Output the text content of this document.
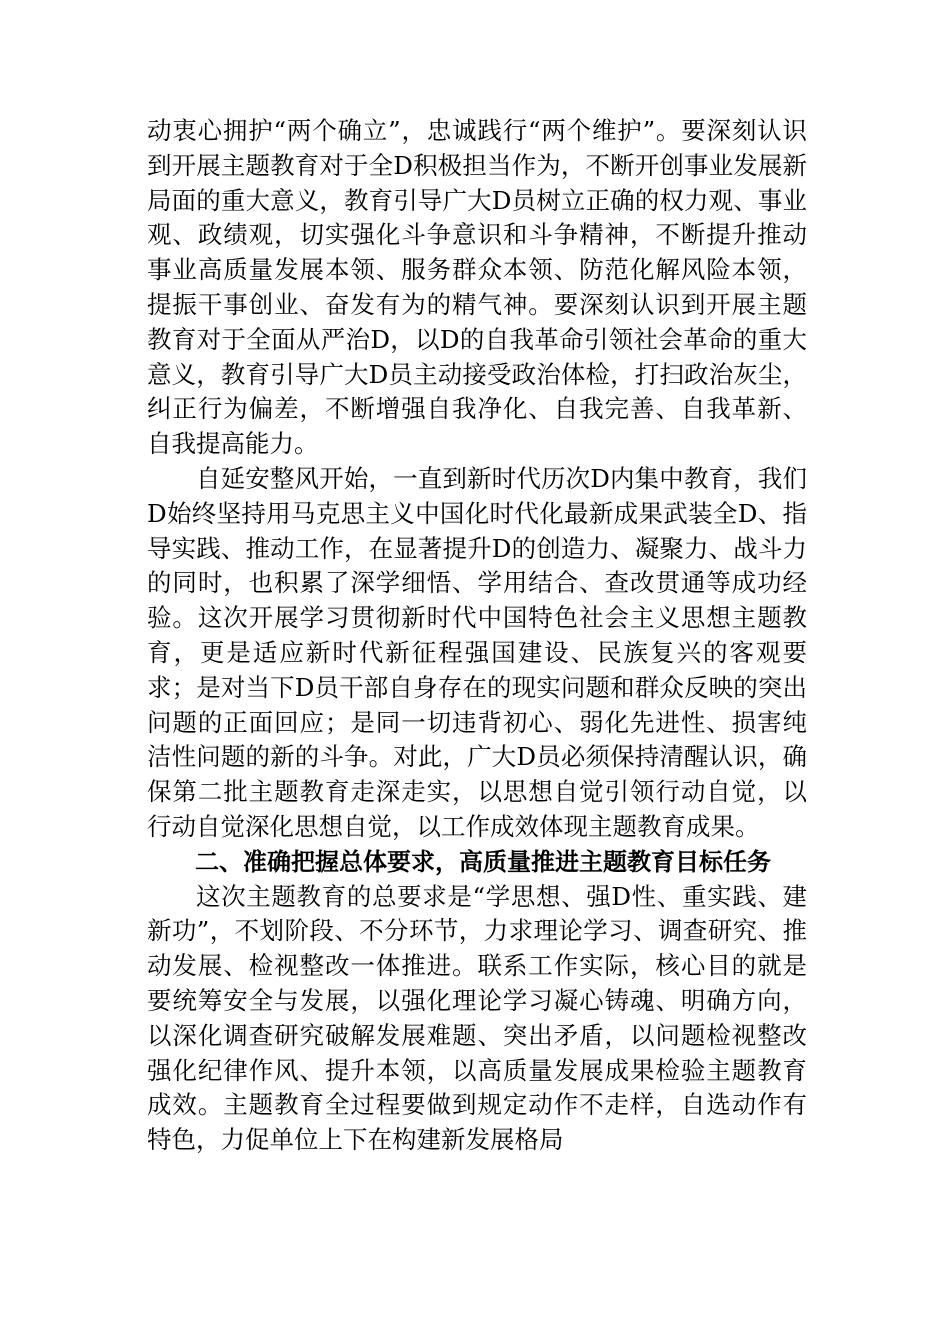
动衷心拥护“两个确立”，忠诚践行“两个维护”。要深刻认识到开展主题教育对于全D积极担当作为，不断开创事业发展新局面的重大意义，教育引导广大D员树立正确的权力观、事业观、政绩观，切实强化斗争意识和斗争精神，不断提升推动事业高质量发展本领、服务群众本领、防范化解风险本领，提振干事创业、奋发有为的精气神。要深刻认识到开展主题教育对于全面从严治D，以D的自我革命引领社会革命的重大意义，教育引导广大D员主动接受政治体检，打扫政治灰尘，纠正行为偏差，不断增强自我净化、自我完善、自我革新、自我提高能力。

自延安整风开始，一直到新时代历次D内集中教育，我们D始终坚持用马克思主义中国化时代化最新成果武装全D、指导实践、推动工作，在显著提升D的创造力、凝聚力、战斗力的同时，也积累了深学细悟、学用结合、查改贯通等成功经验。这次开展学习贯彻新时代中国特色社会主义思想主题教育，更是适应新时代新征程强国建设、民族复兴的客观要求；是对当下D员干部自身存在的现实问题和群众反映的突出问题的正面回应；是同一切违背初心、弱化先进性、损害纯洁性问题的新的斗争。对此，广大D员必须保持清醒认识，确保第二批主题教育走深走实，以思想自觉引领行动自觉，以行动自觉深化思想自觉，以工作成效体现主题教育成果。

二、准确把握总体要求，高质量推进主题教育目标任务

这次主题教育的总要求是“学思想、强D性、重实践、建新功”，不划阶段、不分环节，力求理论学习、调查研究、推动发展、检视整改一体推进。联系工作实际，核心目的就是要统筹安全与发展，以强化理论学习凝心铸魂、明确方向，以深化调查研究破解发展难题、突出矛盾，以问题检视整改强化纪律作风、提升本领，以高质量发展成果检验主题教育成效。主题教育全过程要做到规定动作不走样，自选动作有特色，力促单位上下在构建新发展格局
